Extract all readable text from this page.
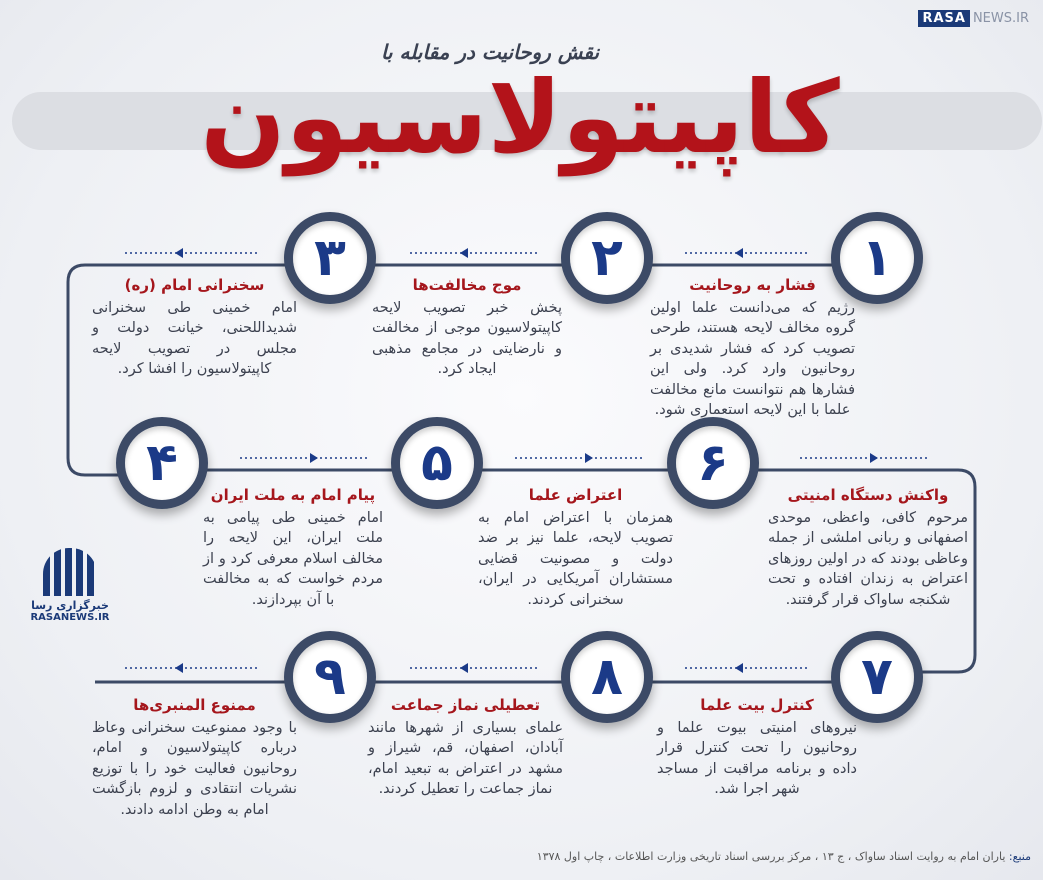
RASA NEWS.IR
نقش روحانیت در مقابله با
کاپیتولاسیون
۱
۲
۳
۴	۵	۶
۷
۸
۹
فشار به روحانیت

رژیم که می‌دانست علما اولین گروه مخالف لایحه هستند، طرحی تصویب کرد که فشار شدیدی بر روحانیون وارد کرد. ولی این فشارها هم نتوانست مانع مخالفت علما با این لایحه استعماری شود.

موج مخالفت‌ها

پخش خبر تصویب لایحه کاپیتولاسیون موجی از مخالفت و نارضایتی در مجامع مذهبی ایجاد کرد.

سخنرانی امام (ره)

امام خمینی طی سخنرانی شدیداللحنی، خیانت دولت و مجلس در تصویب لایحه کاپیتولاسیون را افشا کرد.

پیام امام به ملت ایران

امام خمینی طی پیامی به ملت ایران، این لایحه را مخالف اسلام معرفی کرد و از مردم خواست که به مخالفت با آن بپردازند.

اعتراض علما

همزمان با اعتراض امام به تصویب لایحه، علما نیز بر ضد دولت و مصونیت قضایی مستشاران آمریکایی در ایران، سخنرانی کردند.

واکنش دستگاه امنیتی

مرحوم کافی، واعظی، موحدی اصفهانی و ربانی املشی از جمله وعاظی بودند که در اولین روزهای اعتراض به زندان افتاده و تحت شکنجه ساواک قرار گرفتند.

کنترل بیت علما

نیروهای امنیتی بیوت علما و روحانیون را تحت کنترل قرار داده و برنامه مراقبت از مساجد شهر اجرا شد.

تعطیلی نماز جماعت

علمای بسیاری از شهرها مانند آبادان، اصفهان، قم، شیراز و مشهد در اعتراض به تبعید امام، نماز جماعت را تعطیل کردند.

ممنوع المنبری‌ها

با وجود ممنوعیت سخنرانی وعاظ درباره کاپیتولاسیون و امام، روحانیون فعالیت خود را با توزیع نشریات انتقادی و لزوم بازگشت امام به وطن ادامه دادند.

خبرگزاری رسا
RASANEWS.IR
منبع: یاران امام به روایت اسناد ساواک ، ج ۱۳ ، مرکز بررسی اسناد تاریخی وزارت اطلاعات ، چاپ اول ۱۳۷۸
